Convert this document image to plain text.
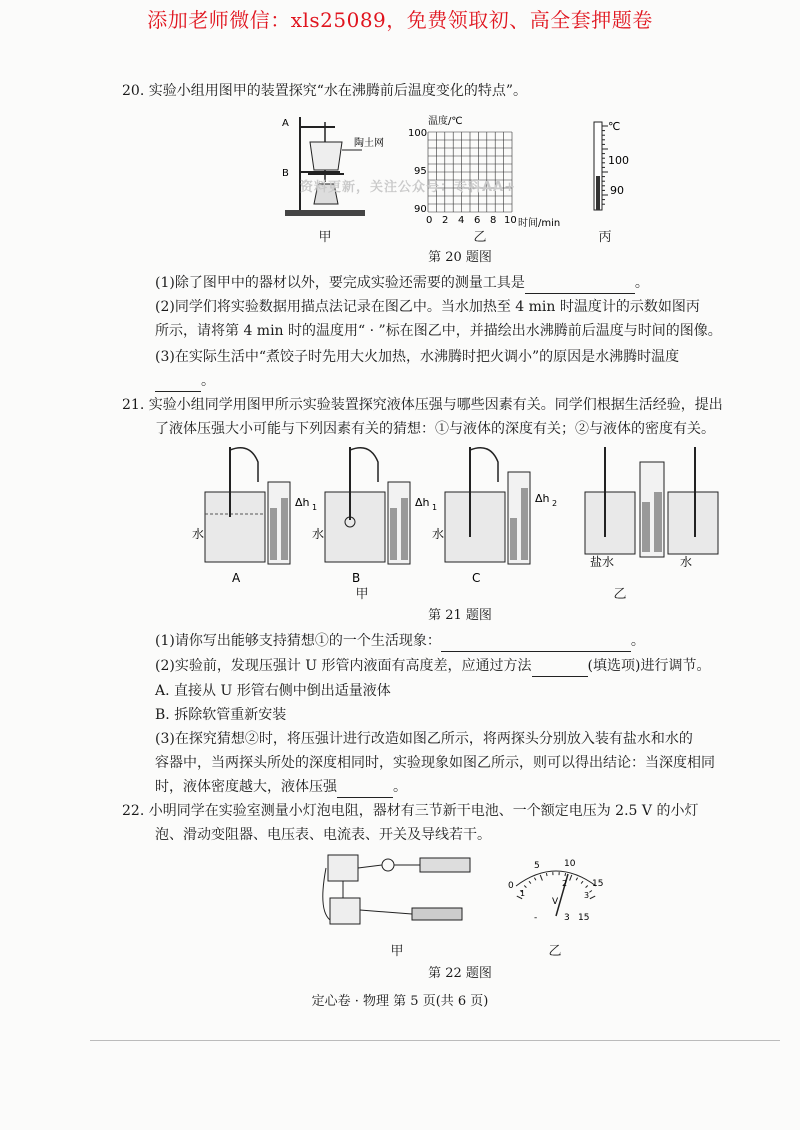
添加老师微信：xls25089，免费领取初、高全套押题卷
20. 实验小组用图甲的装置探究“水在沸腾前后温度变化的特点”。
A
B
陶土网
甲
温度/℃
100
95
90
0 2 4 6 8 10 时间/min
乙
℃
100
90
丙
资料更新，关注公众号：专科AA+
第 20 题图
(1)除了图甲中的器材以外，要完成实验还需要的测量工具是	。
(2)同学们将实验数据用描点法记录在图乙中。当水加热至 4 min 时温度计的示数如图丙
所示，请将第 4 min 时的温度用“ · ”标在图乙中，并描绘出水沸腾前后温度与时间的图像。
(3)在实际生活中“煮饺子时先用大火加热，水沸腾时把火调小”的原因是水沸腾时温度
。
21. 实验小组同学用图甲所示实验装置探究液体压强与哪些因素有关。同学们根据生活经验，提出
了液体压强大小可能与下列因素有关的猜想：①与液体的深度有关；②与液体的密度有关。
Δh 1	Δh 1
Δh 2
水	水	水
盐水	水
A	B	C
甲	乙
第 21 题图
(1)请你写出能够支持猜想①的一个生活现象：	。
(2)实验前，发现压强计 U 形管内液面有高度差，应通过方法	(填选项)进行调节。
A. 直接从 U 形管右侧中倒出适量液体
B. 拆除软管重新安装
(3)在探究猜想②时，将压强计进行改造如图乙所示，将两探头分别放入装有盐水和水的
容器中，当两探头所处的深度相同时，实验现象如图乙所示，则可以得出结论：当深度相同
时，液体密度越大，液体压强	。
22. 小明同学在实验室测量小灯泡电阻，器材有三节新干电池、一个额定电压为 2.5 V 的小灯
泡、滑动变阻器、电压表、电流表、开关及导线若干。
甲
0
5	10
15
1
2
3
V
-	3 15
乙
第 22 题图
定心卷 · 物理 第 5 页(共 6 页)
